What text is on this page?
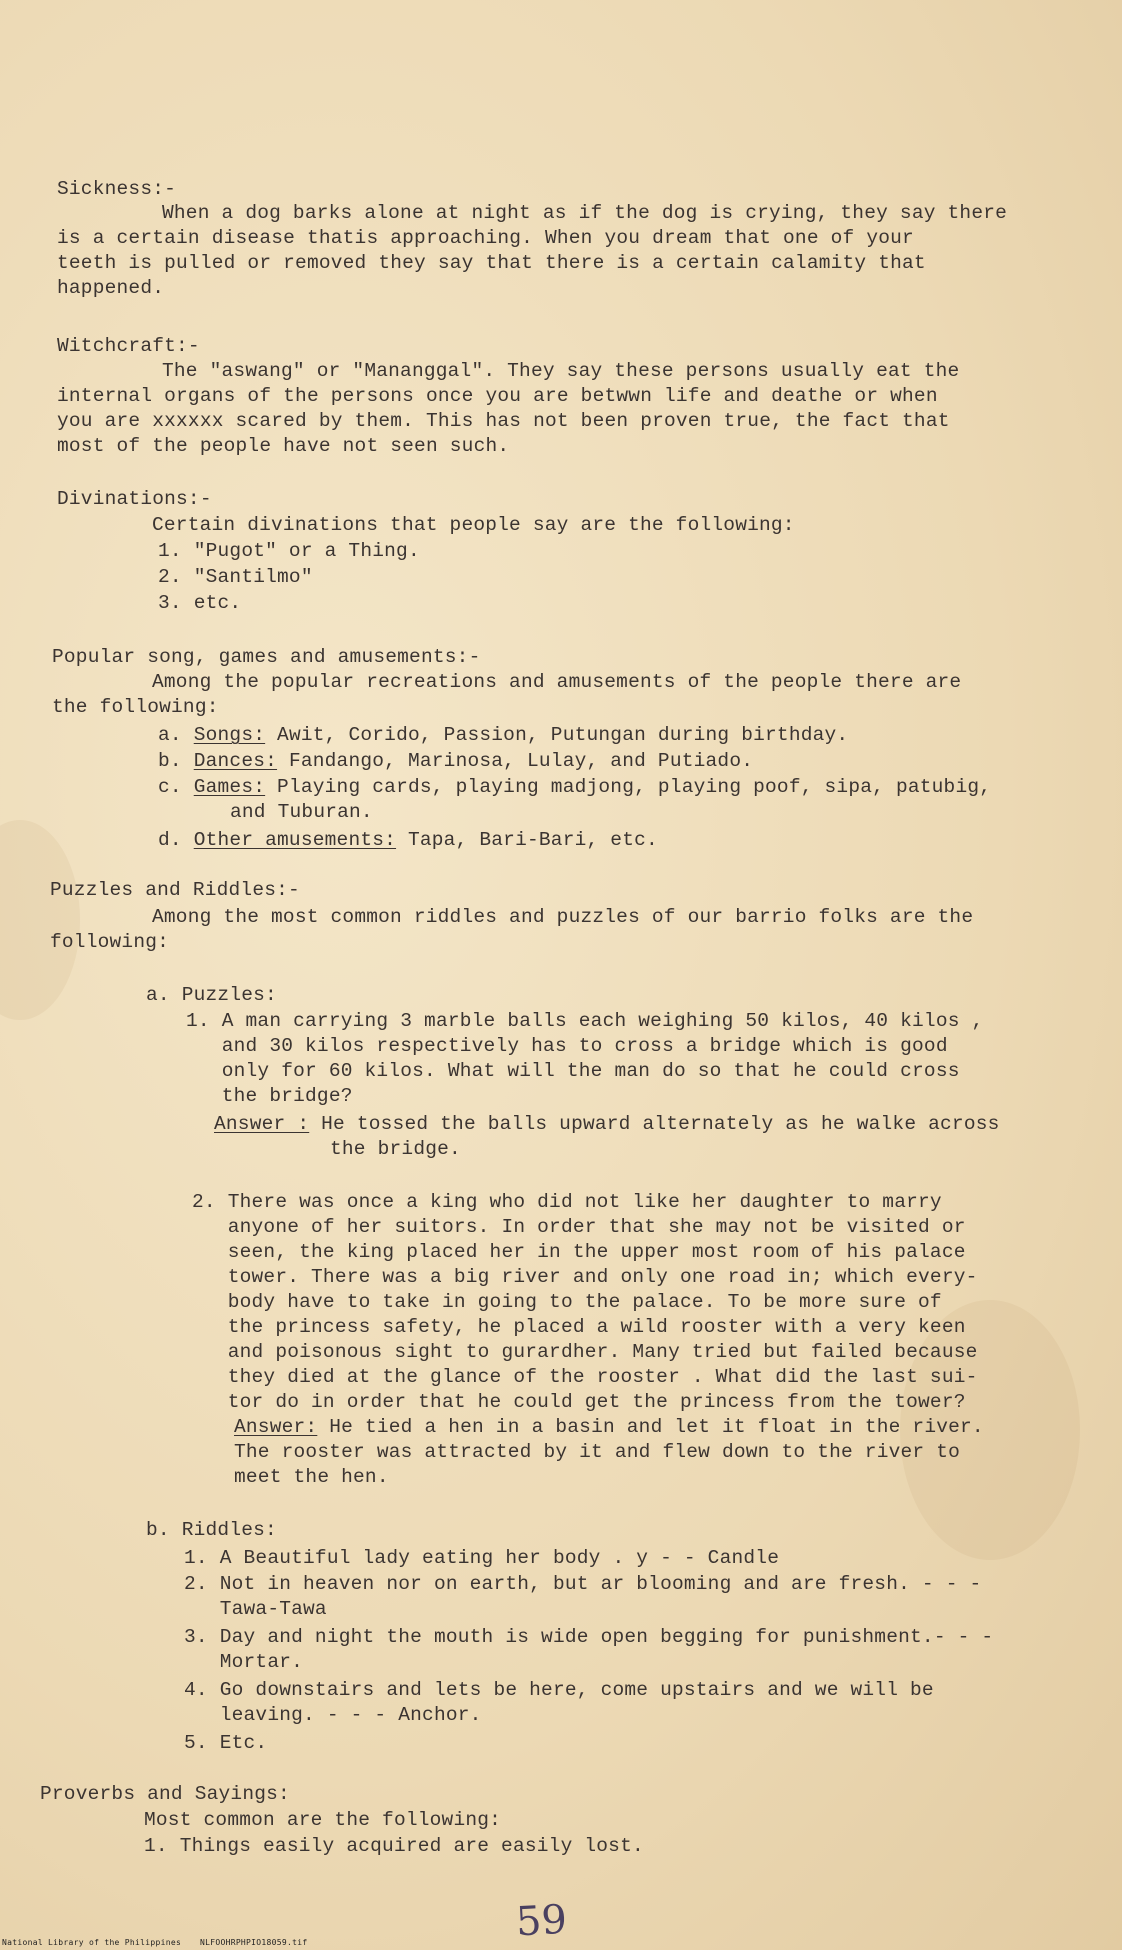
Sickness:-
When a dog barks alone at night as if the dog is crying, they say there
is a certain disease thatis approaching. When you dream that one of your
teeth is pulled or removed they say that there is a certain calamity that
happened.
Witchcraft:-
The "aswang" or "Mananggal". They say these persons usually eat the
internal organs of the persons once you are betwwn life and deathe or when
you are xxxxxx scared by them. This has not been proven true, the fact that
most of the people have not seen such.
Divinations:-
Certain divinations that people say are the following:
1. "Pugot" or a Thing.
2. "Santilmo"
3. etc.
Popular song, games and amusements:-
Among the popular recreations and amusements of the people there are
the following:
a. Songs: Awit, Corido, Passion, Putungan during birthday.
b. Dances: Fandango, Marinosa, Lulay, and Putiado.
c. Games: Playing cards, playing madjong, playing poof, sipa, patubig,
and Tuburan.
d. Other amusements: Tapa, Bari-Bari, etc.
Puzzles and Riddles:-
Among the most common riddles and puzzles of our barrio folks are the
following:
a. Puzzles:
1. A man carrying 3 marble balls each weighing 50 kilos, 40 kilos ,
and 30 kilos respectively has to cross a bridge which is good
only for 60 kilos. What will the man do so that he could cross
the bridge?
Answer : He tossed the balls upward alternately as he walke across
the bridge.
2. There was once a king who did not like her daughter to marry
anyone of her suitors. In order that she may not be visited or
seen, the king placed her in the upper most room of his palace
tower. There was a big river and only one road in; which every-
body have to take in going to the palace. To be more sure of
the princess safety, he placed a wild rooster with a very keen
and poisonous sight to gurardher. Many tried but failed because
they died at the glance of the rooster . What did the last sui-
tor do in order that he could get the princess from the tower?
Answer: He tied a hen in a basin and let it float in the river.
The rooster was attracted by it and flew down to the river to
meet the hen.
b. Riddles:
1. A Beautiful lady eating her body . y - - Candle
2. Not in heaven nor on earth, but ar blooming and are fresh. - - -
Tawa-Tawa
3. Day and night the mouth is wide open begging for punishment.- - -
Mortar.
4. Go downstairs and lets be here, come upstairs and we will be
leaving. - - - Anchor.
5. Etc.
Proverbs and Sayings:
Most common are the following:
1. Things easily acquired are easily lost.
59
National Library of the Philippines NLFOOHRPHPIO18059.tif
